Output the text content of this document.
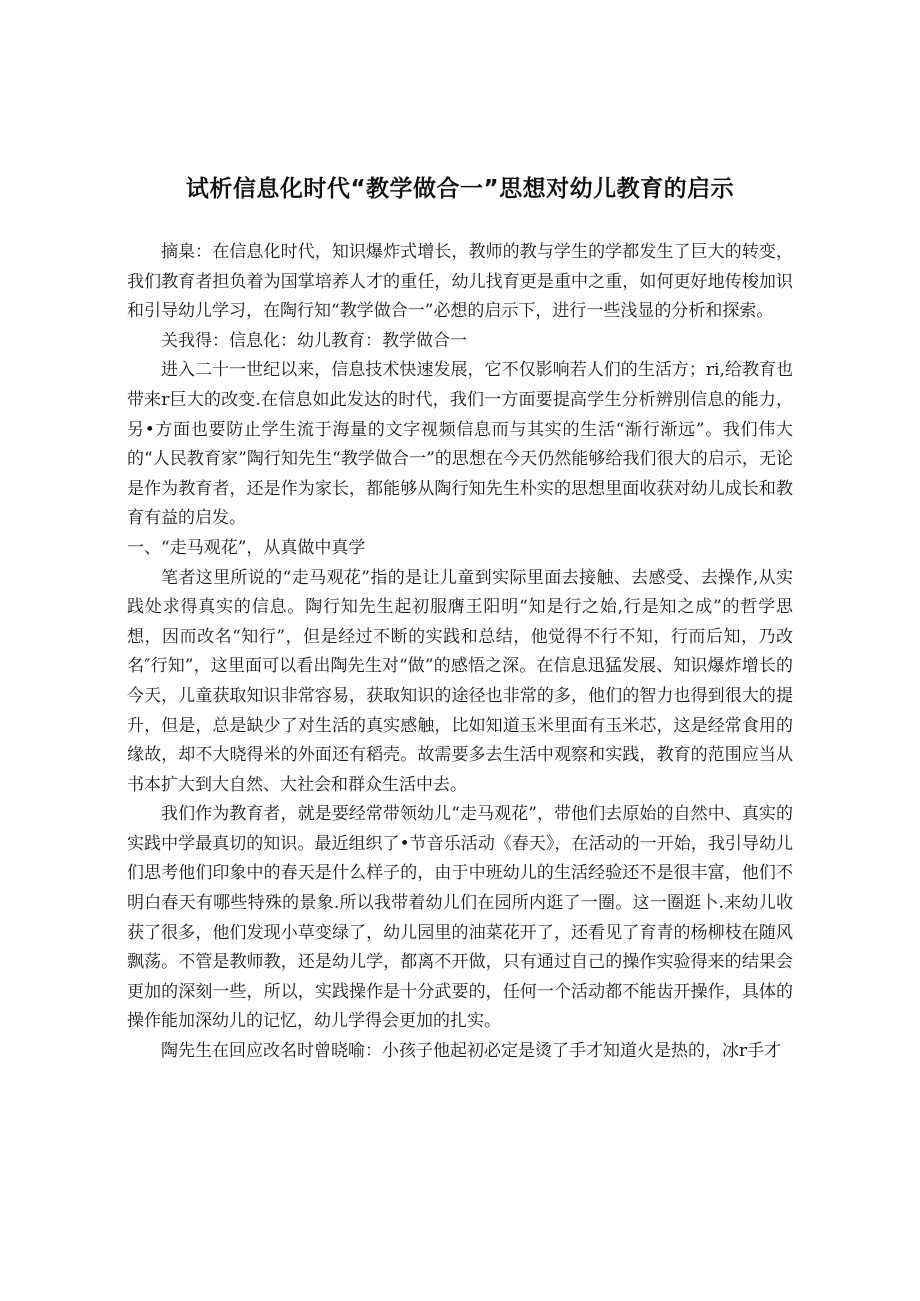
试析信息化时代“教学做合一”思想对幼儿教育的启示

摘臬：在信息化时代，知识爆炸式增长，教师的教与学生的学都发生了巨大的转变，我们教育者担负着为国掌培养人才的重任，幼儿找育更是重中之重，如何更好地传梭加识和引导幼儿学习，在陶行知“教学做合一”必想的启示下，进行一些浅显的分析和探索。

关我得：信息化：幼儿教育：教学做合一

进入二十一世纪以来，信息技术快速发展，它不仅影响若人们的生活方；ri,给教育也带来r巨大的改变.在信息如此发达的时代，我们一方面要提高学生分析辨別信息的能力，另•方面也要防止学生流于海量的文字视频信息而与其实的生活“渐行渐远”。我们伟大的“人民教育家”陶行知先生“教学做合一”的思想在今天仍然能够给我们很大的启示，无论是作为教育者，还是作为家长，都能够从陶行知先生朴实的思想里面收获对幼儿成长和教育有益的启发。

一、“走马观花”，从真做中真学

笔者这里所说的“走马观花”指的是让儿童到实际里面去接触、去感受、去操作,从实践处求得真实的信息。陶行知先生起初服膺王阳明“知是行之始,行是知之成”的哲学思想，因而改名“知行”，但是经过不断的实践和总结，他觉得不行不知，行而后知，乃改名″行知”，这里面可以看出陶先生对“做”的感悟之深。在信息迅猛发展、知识爆炸增长的今天，儿童获取知识非常容易，获取知识的途径也非常的多，他们的智力也得到很大的提升，但是，总是缺少了对生活的真实感触，比如知道玉米里面有玉米芯，这是经常食用的缘故，却不大晓得米的外面还有稻壳。故需要多去生活中观察和实践，教育的范围应当从书本扩大到大自然、大社会和群众生活中去。

我们作为教育者，就是要经常带领幼儿“走马观花”，带他们去原始的自然中、真实的实践中学最真切的知识。最近组织了•节音乐活动《春天》，在活动的一开始，我引导幼儿们思考他们印象中的春天是什么样子的，由于中班幼儿的生活经验还不是很丰富，他们不明白春天有哪些特殊的景象.所以我带着幼儿们在园所内逛了一圈。这一圈逛卜.来幼儿收获了很多，他们发现小草变绿了，幼儿园里的油菜花开了，还看见了育青的杨柳枝在随风飘荡。不管是教师教，还是幼儿学，都离不开做，只有通过自己的操作实验得来的结果会更加的深刻一些，所以，实践操作是十分武要的，任何一个活动都不能齿开操作，具体的操作能加深幼儿的记忆，幼儿学得会更加的扎实。

陶先生在回应改名时曾晓喻：小孩子他起初必定是烫了手才知道火是热的，冰r手才
